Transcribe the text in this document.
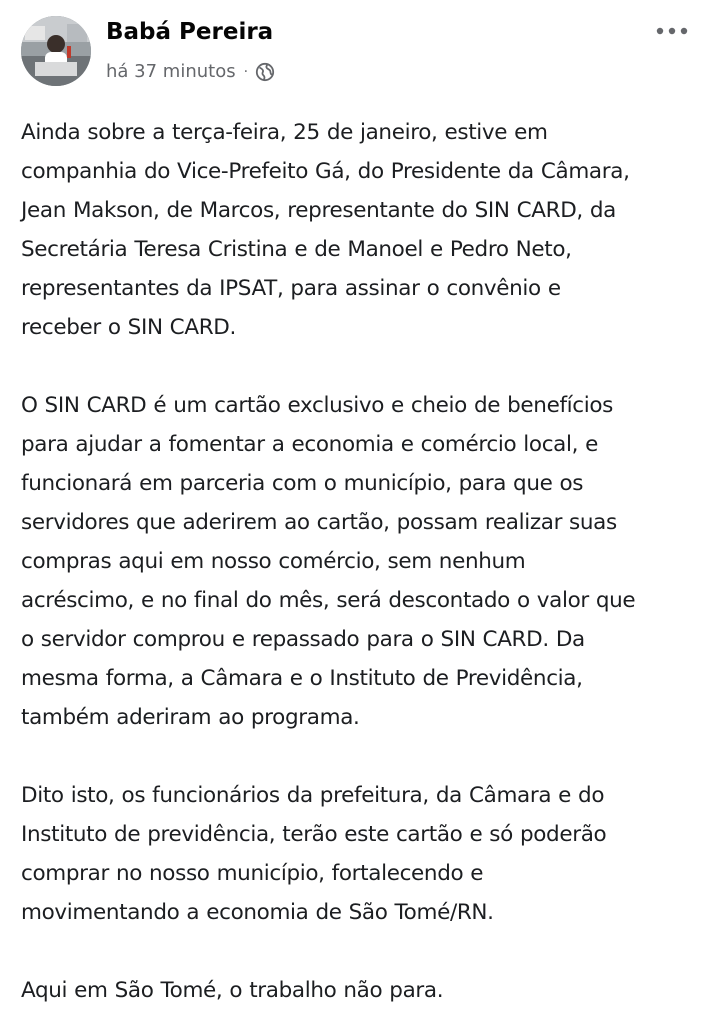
Babá Pereira
há 37 minutos ·

Ainda sobre a terça-feira, 25 de janeiro, estive em
companhia do Vice-Prefeito Gá, do Presidente da Câmara,
Jean Makson, de Marcos, representante do SIN CARD, da
Secretária Teresa Cristina e de Manoel e Pedro Neto,
representantes da IPSAT, para assinar o convênio e
receber o SIN CARD.

O SIN CARD é um cartão exclusivo e cheio de benefícios
para ajudar a fomentar a economia e comércio local, e
funcionará em parceria com o município, para que os
servidores que aderirem ao cartão, possam realizar suas
compras aqui em nosso comércio, sem nenhum
acréscimo, e no final do mês, será descontado o valor que
o servidor comprou e repassado para o SIN CARD. Da
mesma forma, a Câmara e o Instituto de Previdência,
também aderiram ao programa.

Dito isto, os funcionários da prefeitura, da Câmara e do
Instituto de previdência, terão este cartão e só poderão
comprar no nosso município, fortalecendo e
movimentando a economia de São Tomé/RN.

Aqui em São Tomé, o trabalho não para.
